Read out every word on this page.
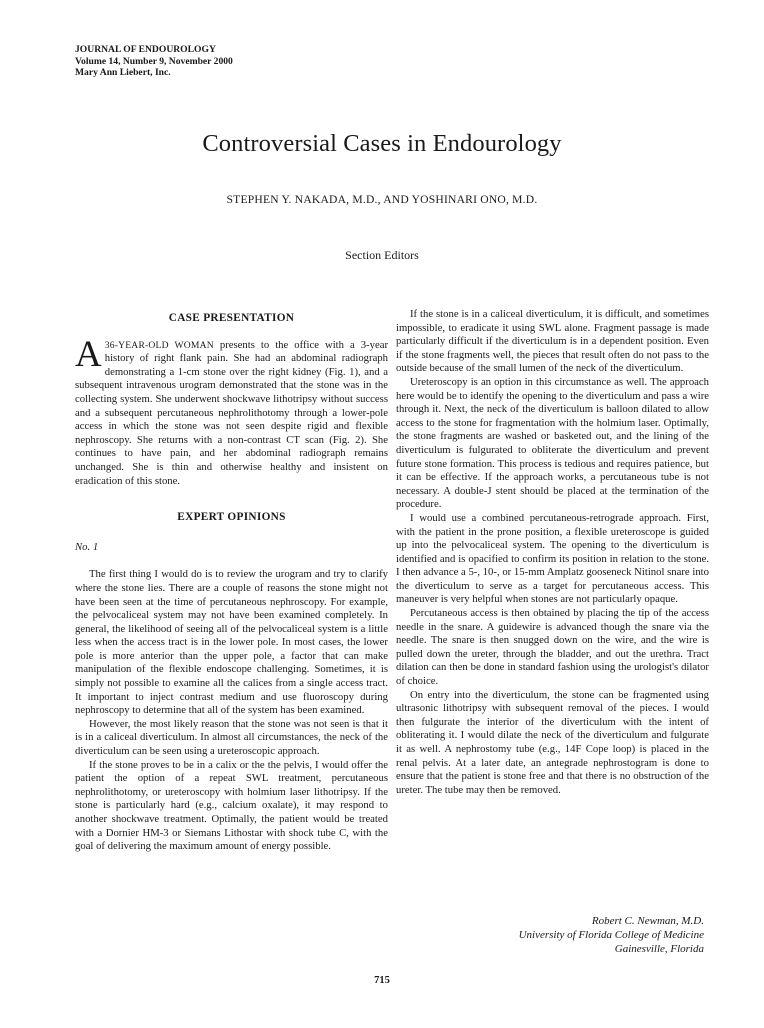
JOURNAL OF ENDOUROLOGY
Volume 14, Number 9, November 2000
Mary Ann Liebert, Inc.
Controversial Cases in Endourology
STEPHEN Y. NAKADA, M.D., AND YOSHINARI ONO, M.D.
Section Editors
CASE PRESENTATION

A 36-YEAR-OLD WOMAN presents to the office with a 3-year history of right flank pain. She had an abdominal radiograph demonstrating a 1-cm stone over the right kidney (Fig. 1), and a subsequent intravenous urogram demonstrated that the stone was in the collecting system. She underwent shockwave lithotripsy without success and a subsequent percutaneous nephrolithotomy through a lower-pole access in which the stone was not seen despite rigid and flexible nephroscopy. She returns with a non-contrast CT scan (Fig. 2). She continues to have pain, and her abdominal radiograph remains unchanged. She is thin and otherwise healthy and insistent on eradication of this stone.

EXPERT OPINIONS
No. 1

The first thing I would do is to review the urogram and try to clarify where the stone lies. There are a couple of reasons the stone might not have been seen at the time of percutaneous nephroscopy. For example, the pelvocaliceal system may not have been examined completely. In general, the likelihood of seeing all of the pelvocaliceal system is a little less when the access tract is in the lower pole. In most cases, the lower pole is more anterior than the upper pole, a factor that can make manipulation of the flexible endoscope challenging. Sometimes, it is simply not possible to examine all the calices from a single access tract. It important to inject contrast medium and use fluoroscopy during nephroscopy to determine that all of the system has been examined.

However, the most likely reason that the stone was not seen is that it is in a caliceal diverticulum. In almost all circumstances, the neck of the diverticulum can be seen using a ureteroscopic approach.

If the stone proves to be in a calix or the the pelvis, I would offer the patient the option of a repeat SWL treatment, percutaneous nephrolithotomy, or ureteroscopy with holmium laser lithotripsy. If the stone is particularly hard (e.g., calcium oxalate), it may respond to another shockwave treatment. Optimally, the patient would be treated with a Dornier HM-3 or Siemans Lithostar with shock tube C, with the goal of delivering the maximum amount of energy possible.

If the stone is in a caliceal diverticulum, it is difficult, and sometimes impossible, to eradicate it using SWL alone. Fragment passage is made particularly difficult if the diverticulum is in a dependent position. Even if the stone fragments well, the pieces that result often do not pass to the outside because of the small lumen of the neck of the diverticulum.

Ureteroscopy is an option in this circumstance as well. The approach here would be to identify the opening to the diverticulum and pass a wire through it. Next, the neck of the diverticulum is balloon dilated to allow access to the stone for fragmentation with the holmium laser. Optimally, the stone fragments are washed or basketed out, and the lining of the diverticulum is fulgurated to obliterate the diverticulum and prevent future stone formation. This process is tedious and requires patience, but it can be effective. If the approach works, a percutaneous tube is not necessary. A double-J stent should be placed at the termination of the procedure.

I would use a combined percutaneous-retrograde approach. First, with the patient in the prone position, a flexible ureteroscope is guided up into the pelvocaliceal system. The opening to the diverticulum is identified and is opacified to confirm its position in relation to the stone. I then advance a 5-, 10-, or 15-mm Amplatz gooseneck Nitinol snare into the diverticulum to serve as a target for percutaneous access. This maneuver is very helpful when stones are not particularly opaque.

Percutaneous access is then obtained by placing the tip of the access needle in the snare. A guidewire is advanced though the snare via the needle. The snare is then snugged down on the wire, and the wire is pulled down the ureter, through the bladder, and out the urethra. Tract dilation can then be done in standard fashion using the urologist's dilator of choice.

On entry into the diverticulum, the stone can be fragmented using ultrasonic lithotripsy with subsequent removal of the pieces. I would then fulgurate the interior of the diverticulum with the intent of obliterating it. I would dilate the neck of the diverticulum and fulgurate it as well. A nephrostomy tube (e.g., 14F Cope loop) is placed in the renal pelvis. At a later date, an antegrade nephrostogram is done to ensure that the patient is stone free and that there is no obstruction of the ureter. The tube may then be removed.

Robert C. Newman, M.D.
University of Florida College of Medicine
Gainesville, Florida
715
